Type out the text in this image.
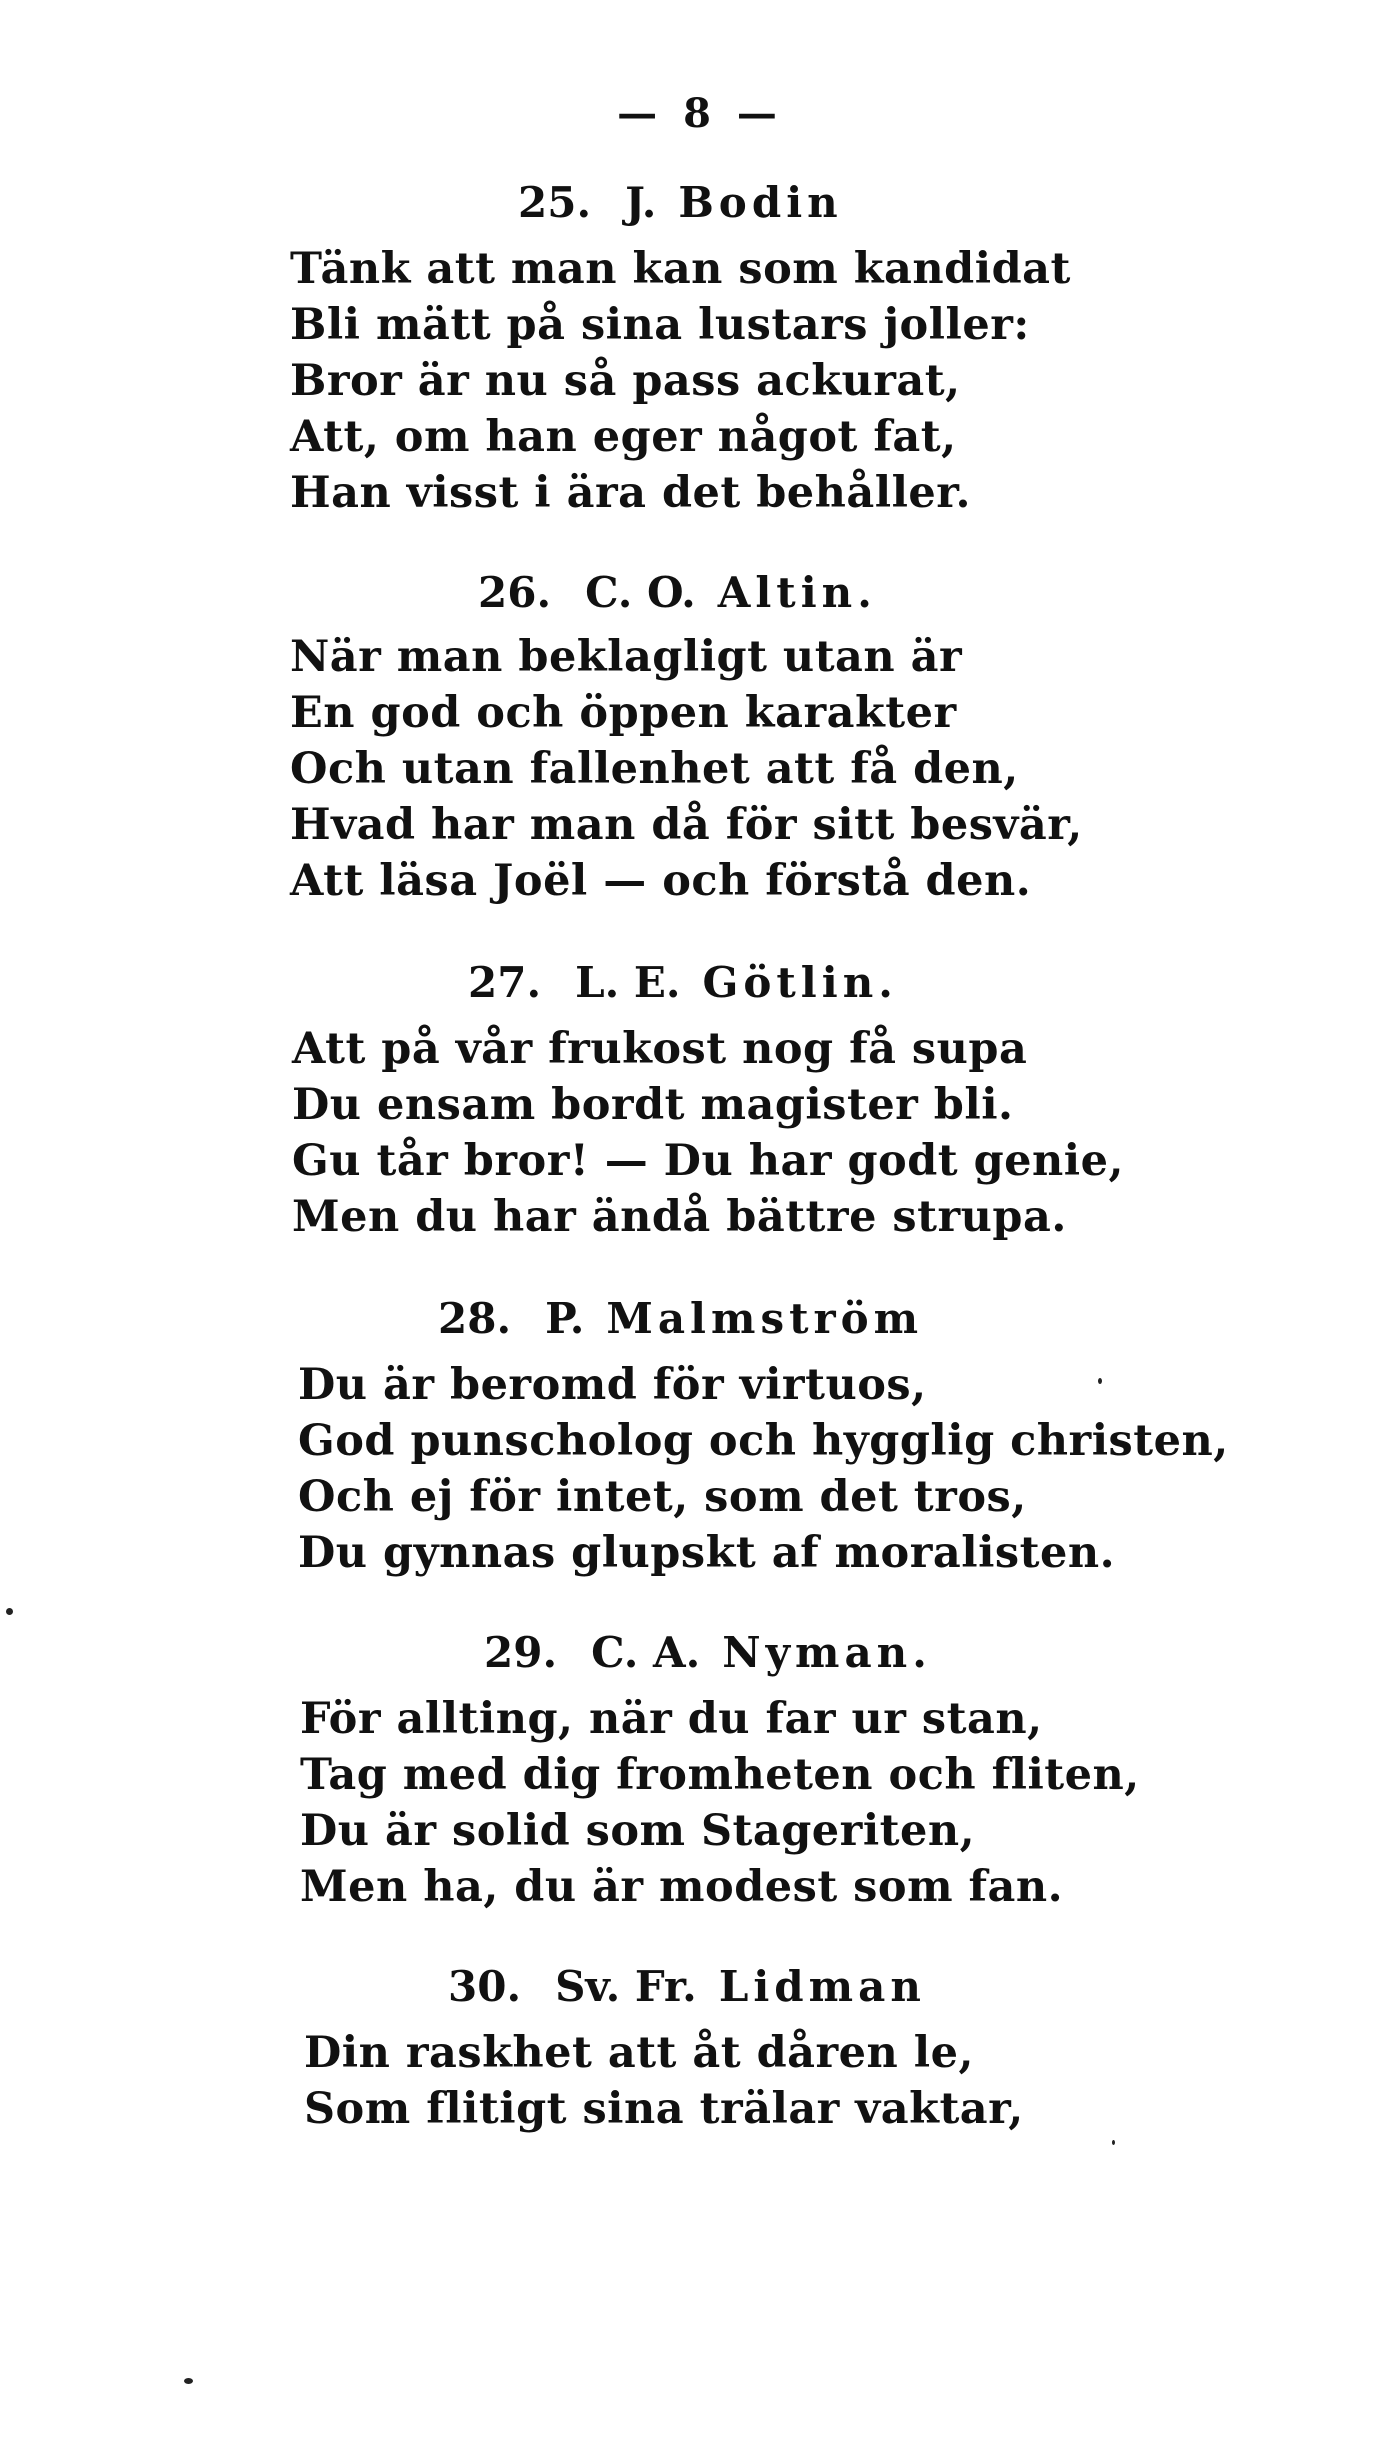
— 8 —
25. J. Bodin
Tänk att man kan som kandidat
Bli mätt på sina lustars joller:
Bror är nu så pass ackurat,
Att, om han eger något fat,
Han visst i ära det behåller.
26. C. O. Altin.
När man beklagligt utan är
En god och öppen karakter
Och utan fallenhet att få den,
Hvad har man då för sitt besvär,
Att läsa Joël — och förstå den.
27. L. E. Götlin.
Att på vår frukost nog få supa
Du ensam bordt magister bli.
Gu tår bror! — Du har godt genie,
Men du har ändå bättre strupa.
28. P. Malmström
Du är beromd för virtuos,
God punscholog och hygglig christen,
Och ej för intet, som det tros,
Du gynnas glupskt af moralisten.
29. C. A. Nyman.
För allting, när du far ur stan,
Tag med dig fromheten och fliten,
Du är solid som Stageriten,
Men ha, du är modest som fan.
30. Sv. Fr. Lidman
Din raskhet att åt dåren le,
Som flitigt sina trälar vaktar,
